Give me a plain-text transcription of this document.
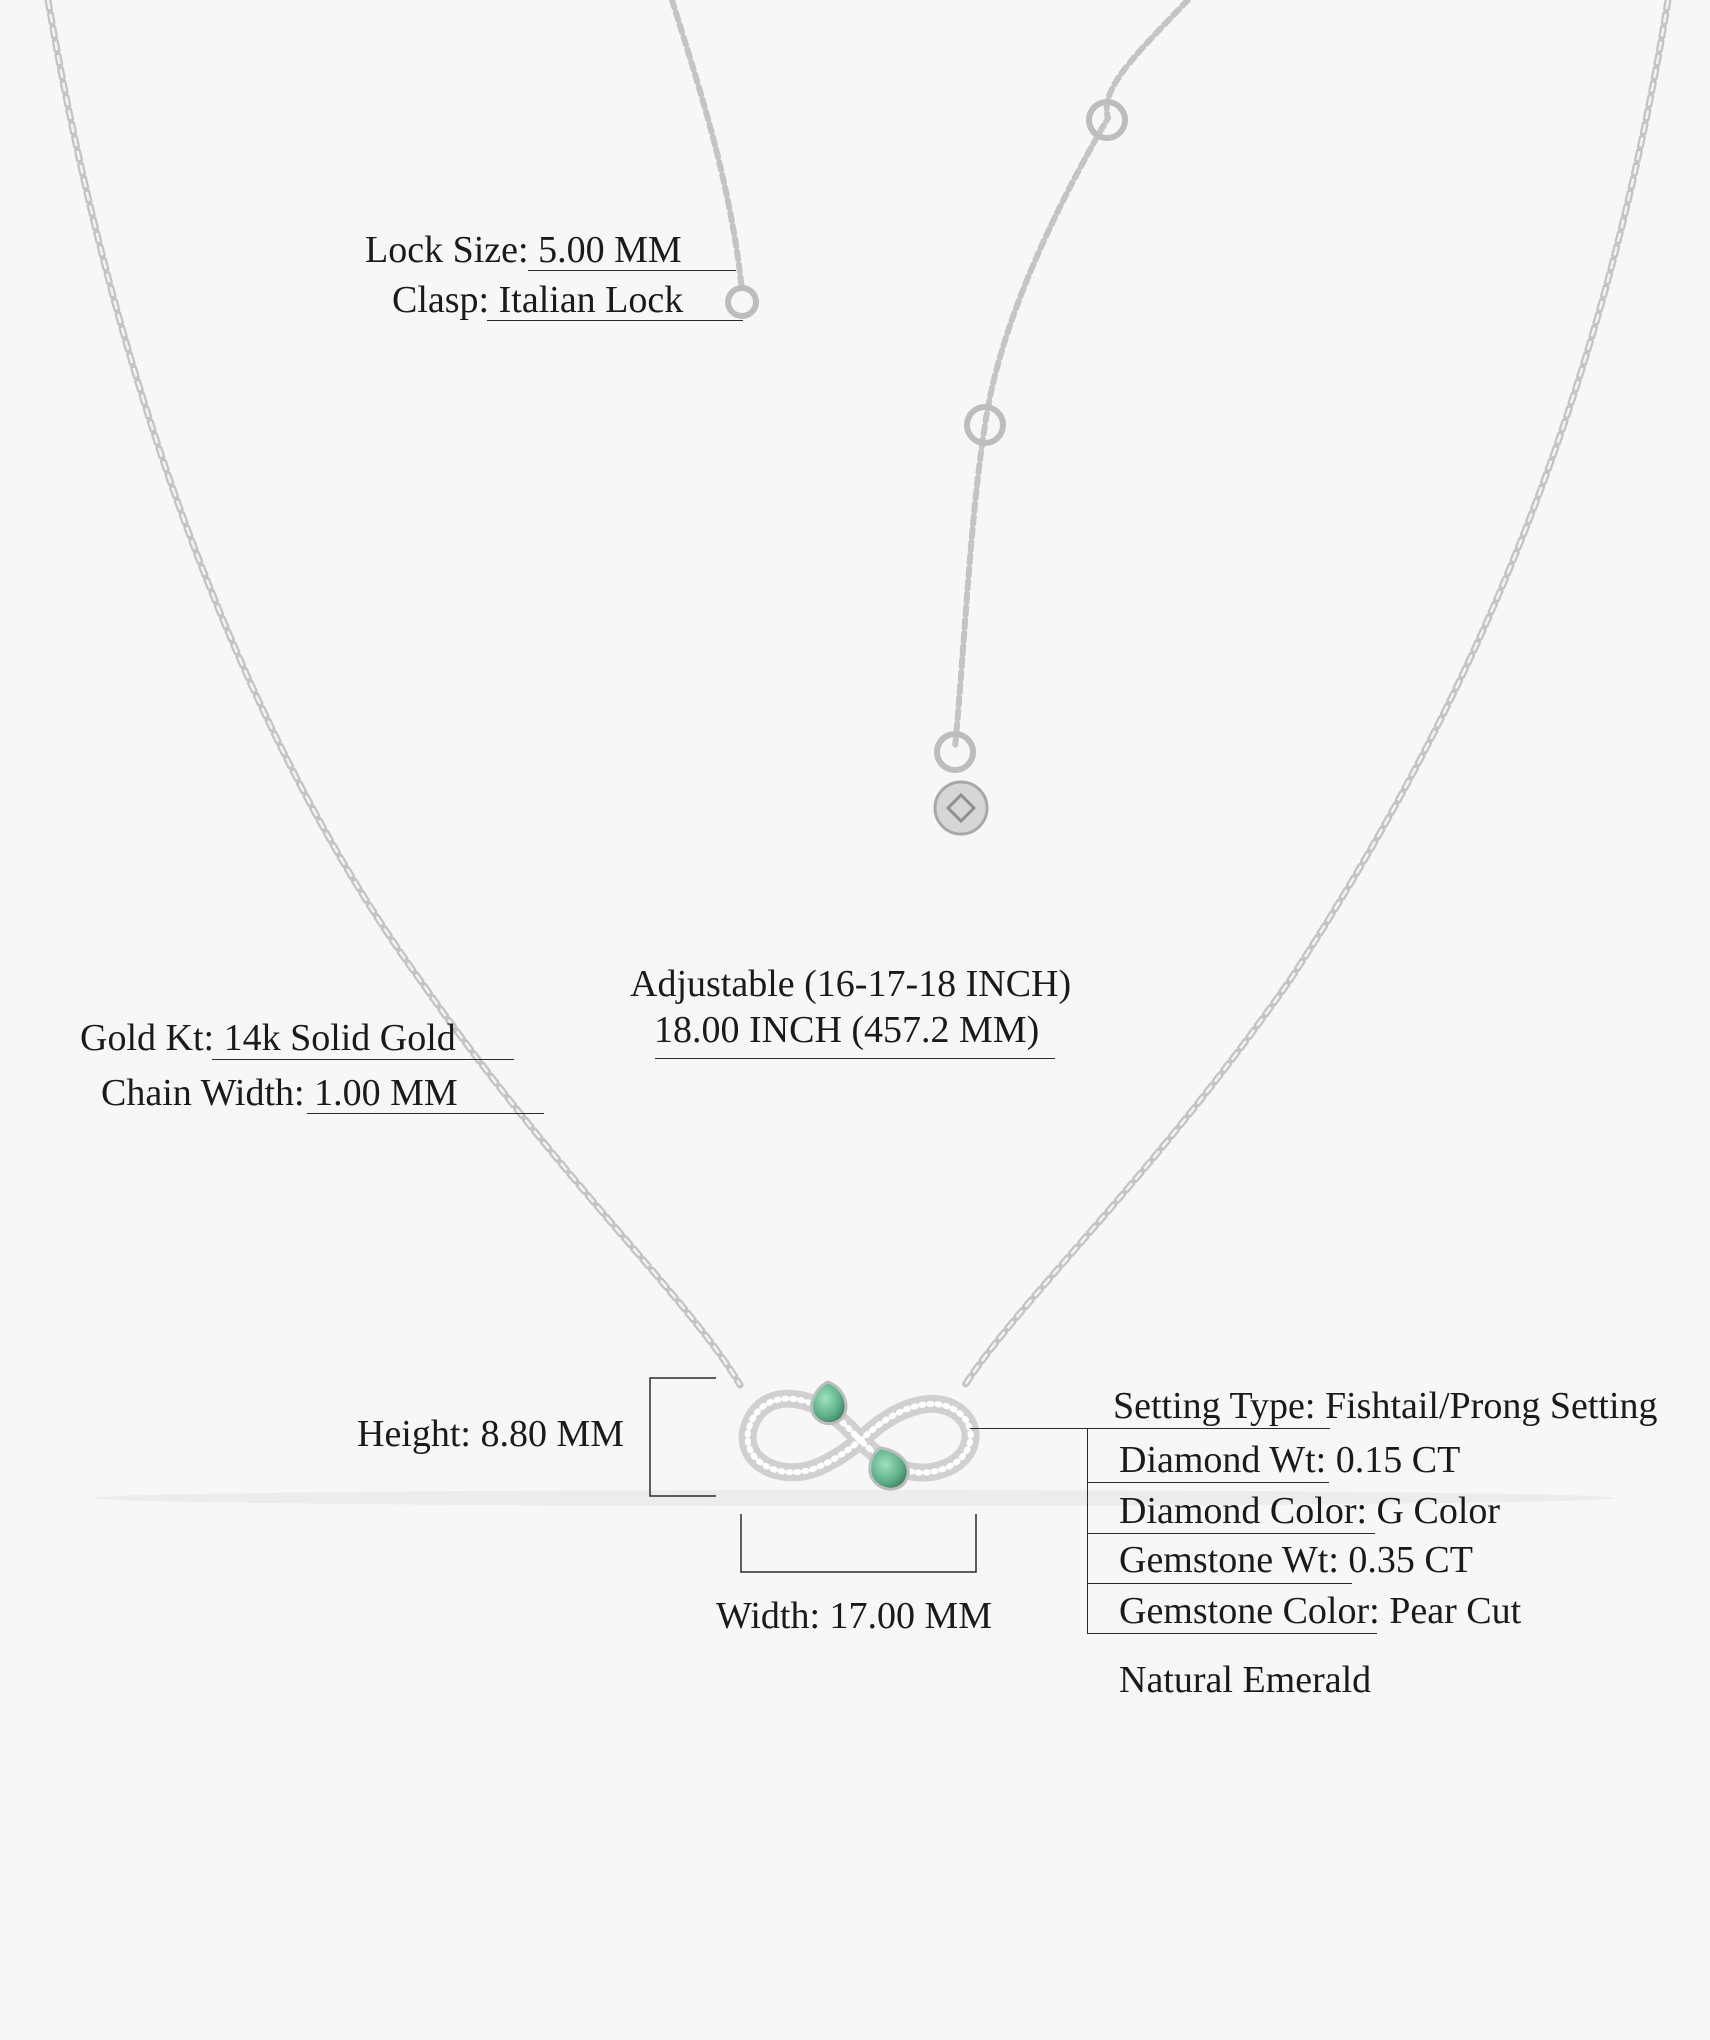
Lock Size: 5.00 MM
Clasp: Italian Lock
Adjustable (16-17-18 INCH)
18.00 INCH (457.2 MM)
Gold Kt: 14k Solid Gold
Chain Width: 1.00 MM
Height: 8.80 MM
Width: 17.00 MM
Setting Type: Fishtail/Prong Setting
Diamond Wt: 0.15 CT
Diamond Color: G Color
Gemstone Wt: 0.35 CT
Gemstone Color: Pear Cut
Natural Emerald
